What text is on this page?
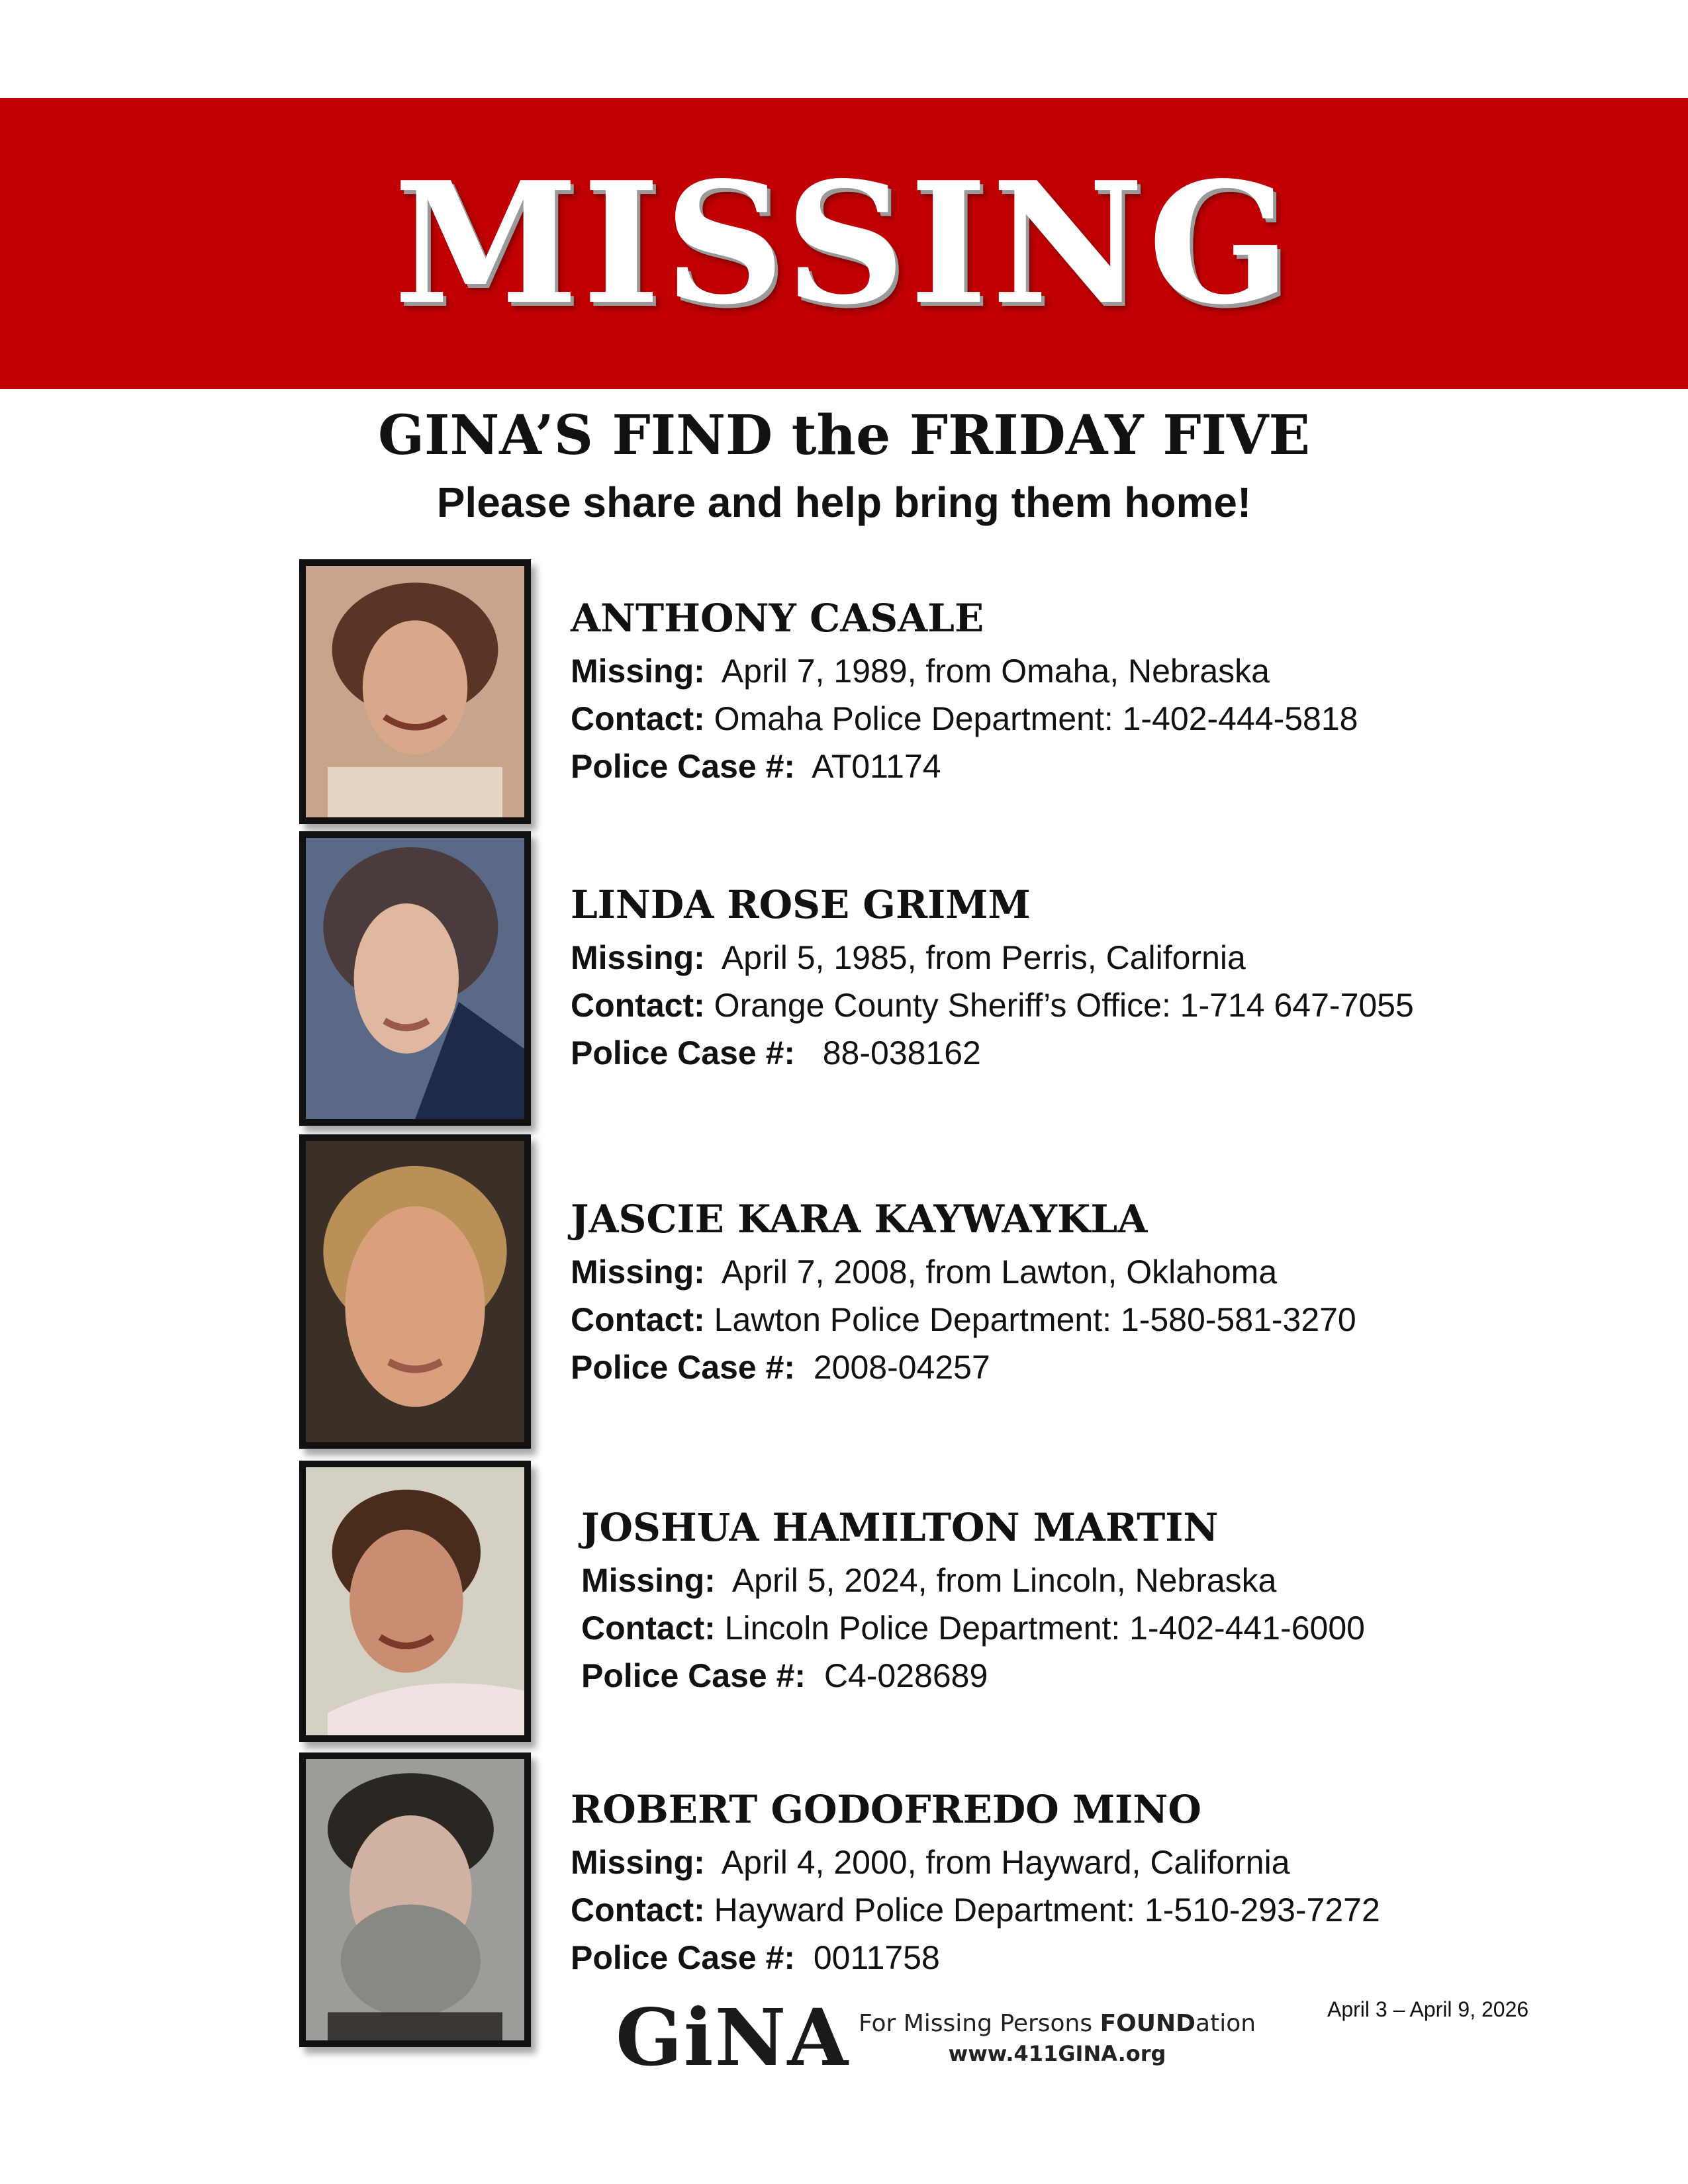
MISSING
GINA’S FIND the FRIDAY FIVE
Please share and help bring them home!
ANTHONY CASALE
Missing: April 7, 1989, from Omaha, Nebraska
Contact: Omaha Police Department: 1-402-444-5818
Police Case #: AT01174
LINDA ROSE GRIMM
Missing: April 5, 1985, from Perris, California
Contact: Orange County Sheriff’s Office: 1-714 647-7055
Police Case #: 88-038162
JASCIE KARA KAYWAYKLA
Missing: April 7, 2008, from Lawton, Oklahoma
Contact: Lawton Police Department: 1-580-581-3270
Police Case #: 2008-04257
JOSHUA HAMILTON MARTIN
Missing: April 5, 2024, from Lincoln, Nebraska
Contact: Lincoln Police Department: 1-402-441-6000
Police Case #: C4-028689
ROBERT GODOFREDO MINO
Missing: April 4, 2000, from Hayward, California
Contact: Hayward Police Department: 1-510-293-7272
Police Case #: 0011758
GiNA For Missing Persons FOUNDation
www.411GINA.org
April 3 – April 9, 2026
